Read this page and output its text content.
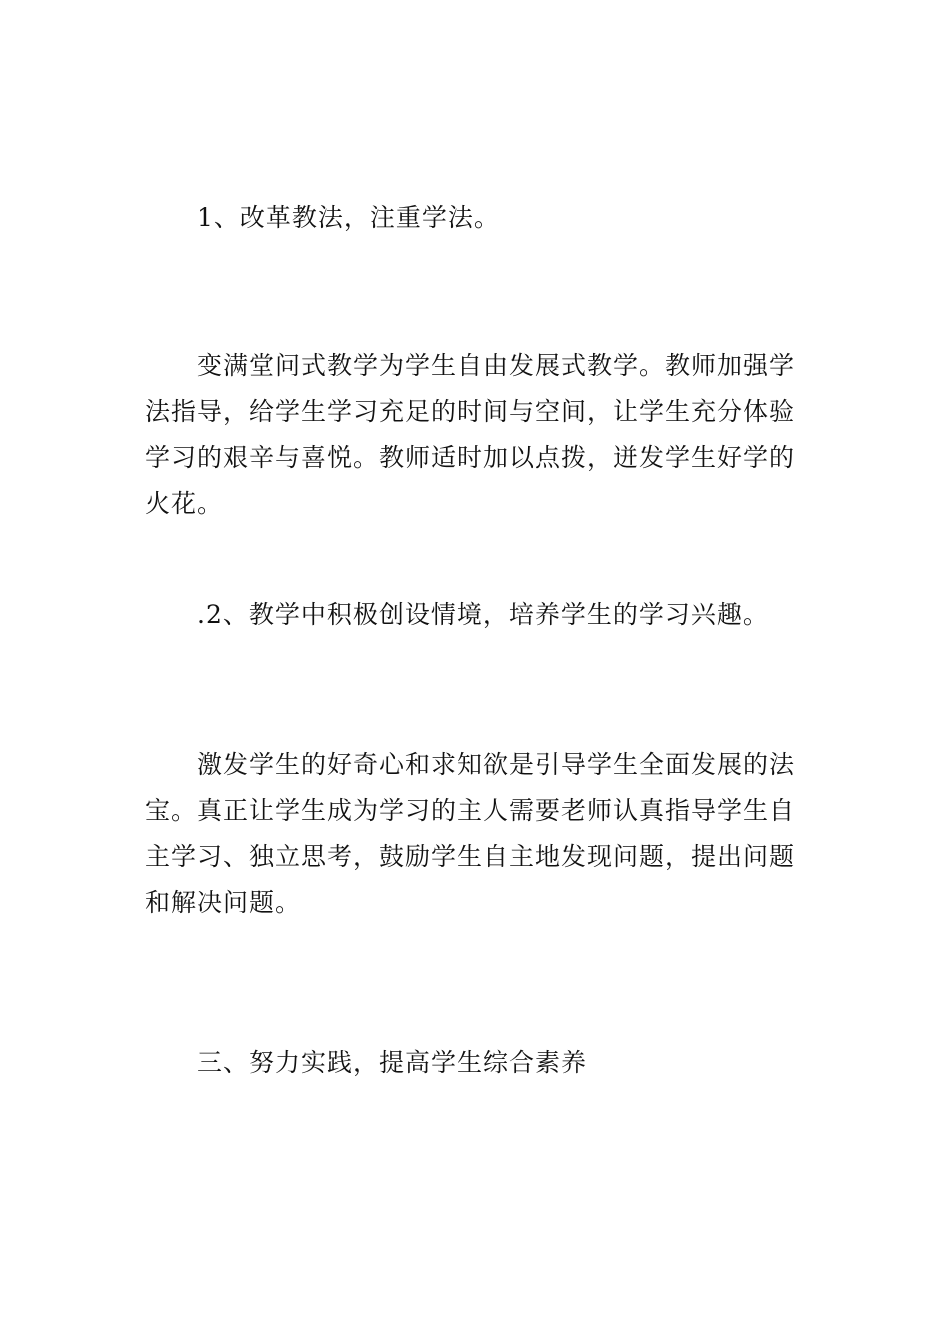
1、改革教法，注重学法。

变满堂问式教学为学生自由发展式教学。教师加强学法指导，给学生学习充足的时间与空间，让学生充分体验学习的艰辛与喜悦。教师适时加以点拨，迸发学生好学的火花。

.2、教学中积极创设情境，培养学生的学习兴趣。

激发学生的好奇心和求知欲是引导学生全面发展的法宝。真正让学生成为学习的主人需要老师认真指导学生自主学习、独立思考，鼓励学生自主地发现问题，提出问题和解决问题。

三、努力实践，提高学生综合素养
